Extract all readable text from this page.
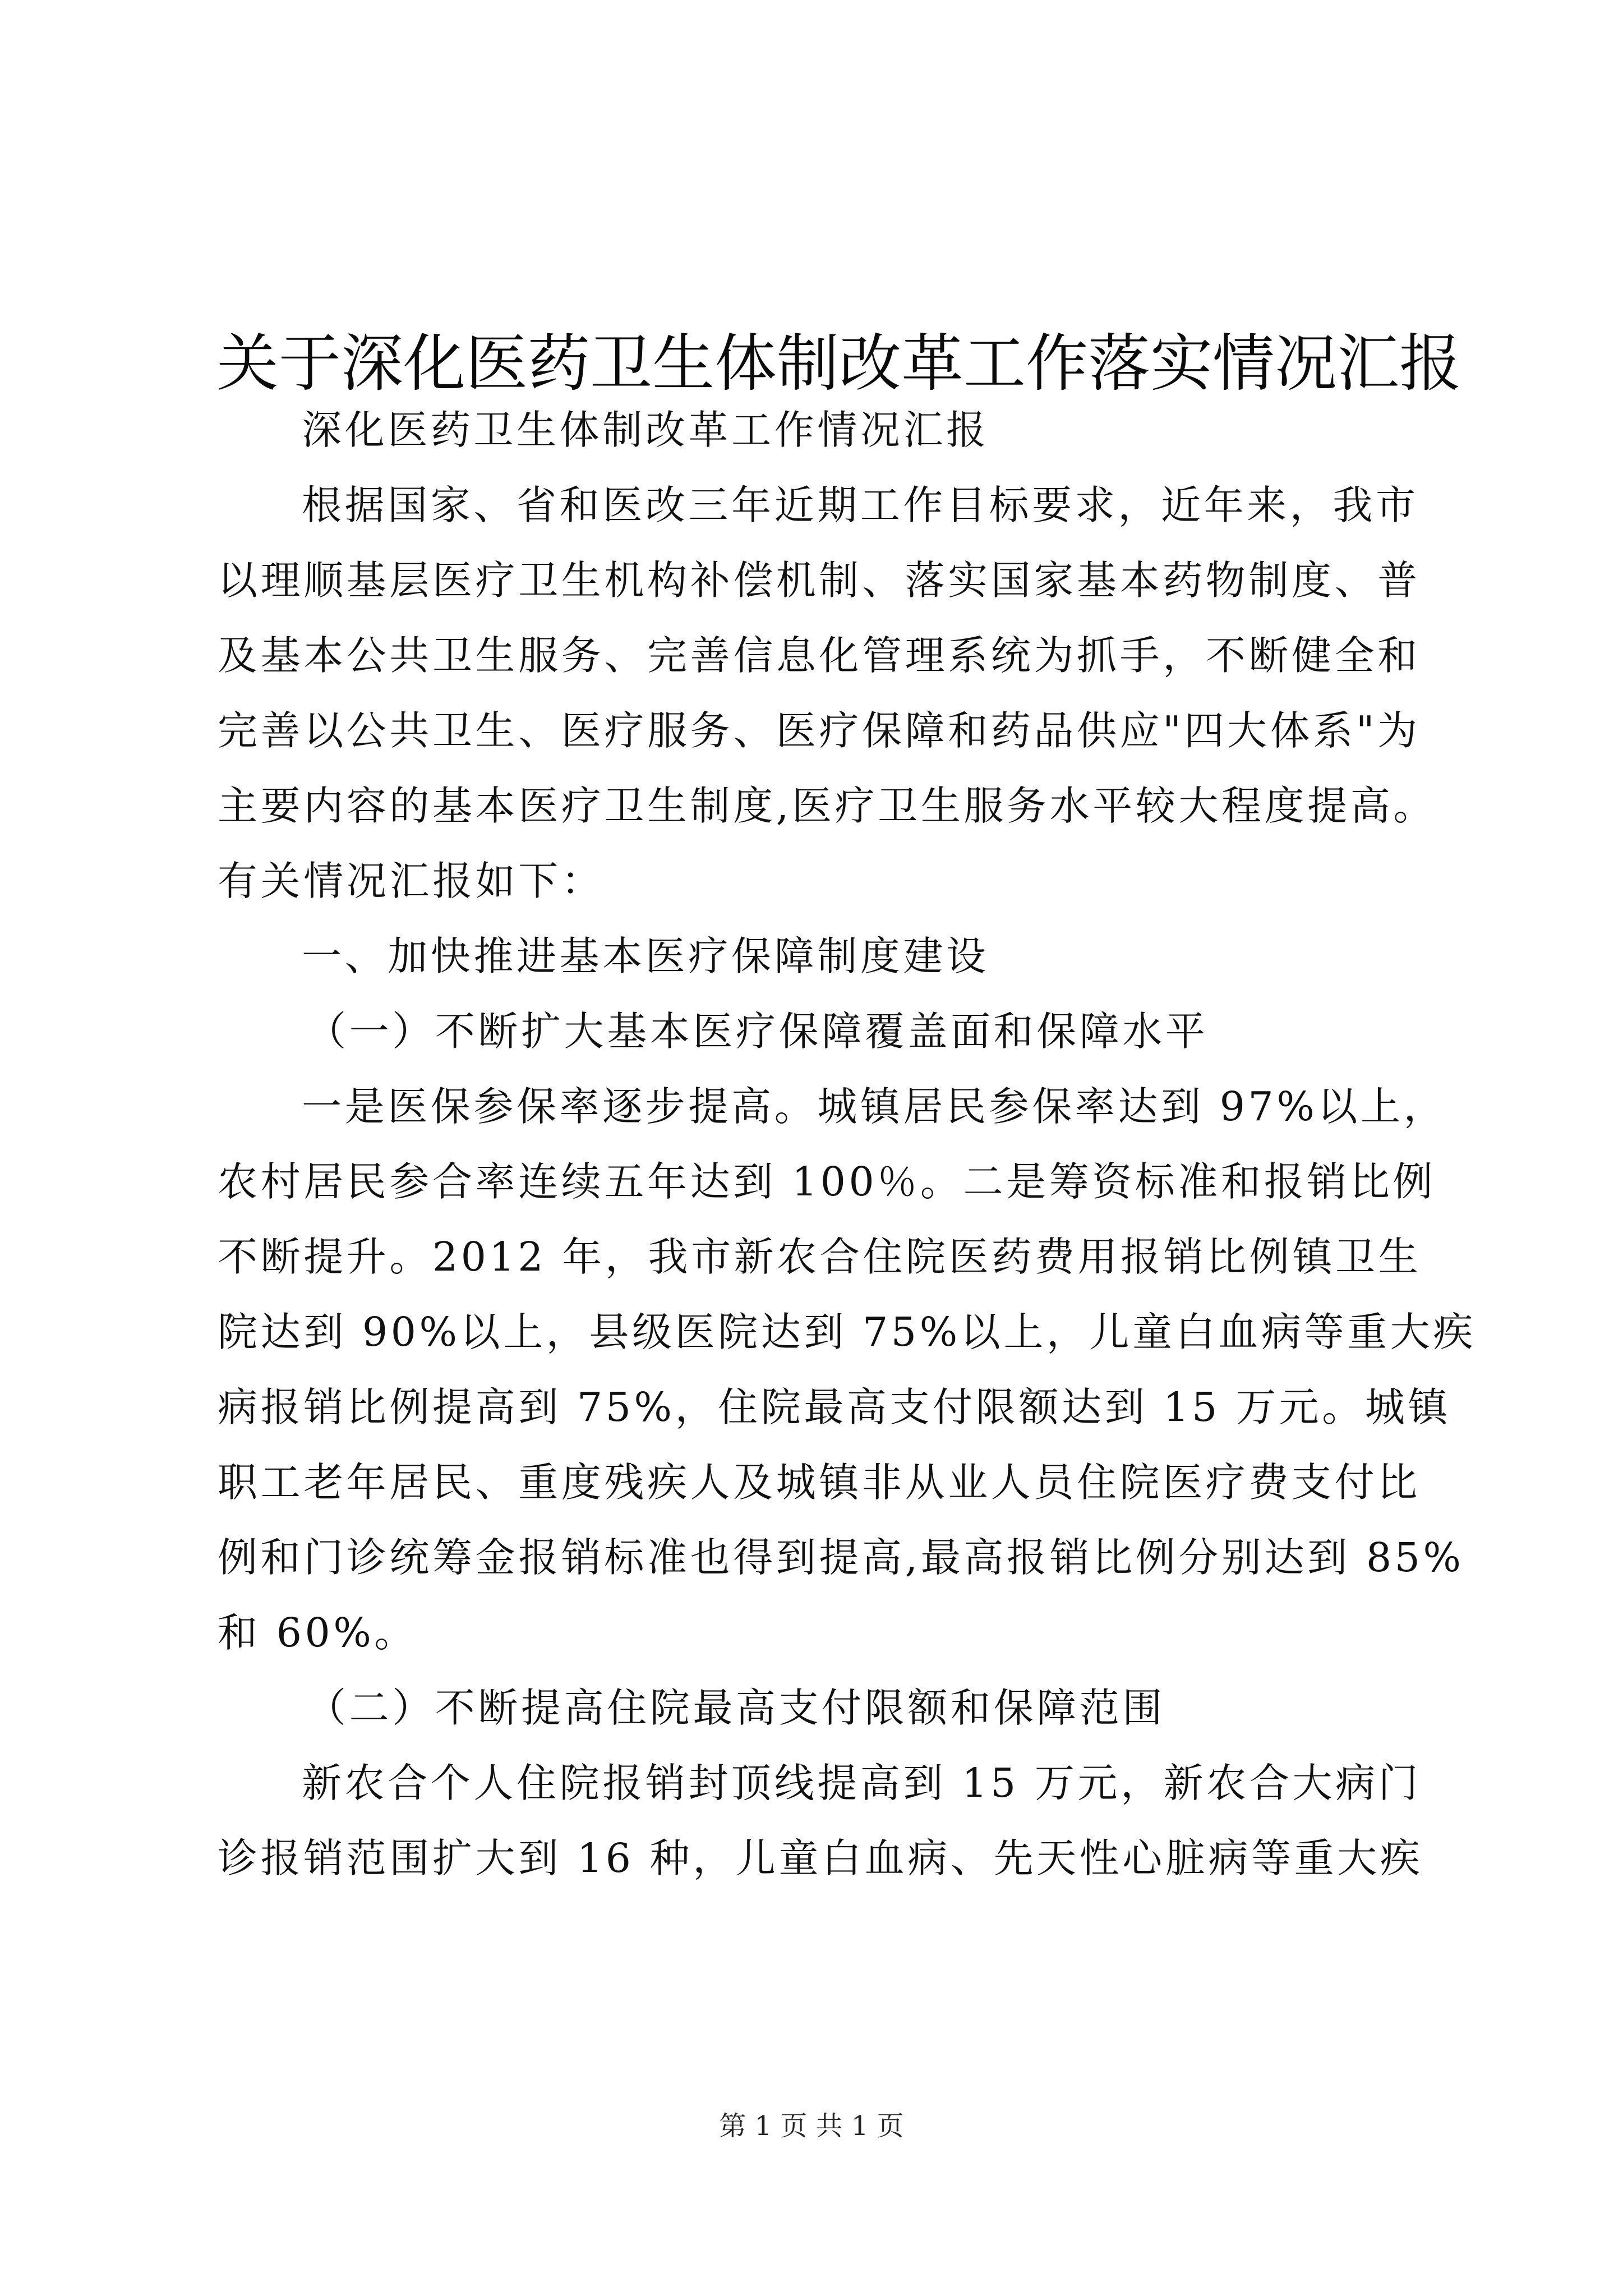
关于深化医药卫生体制改革工作落实情况汇报
深化医药卫生体制改革工作情况汇报
根据国家、省和医改三年近期工作目标要求，近年来，我市
以理顺基层医疗卫生机构补偿机制、落实国家基本药物制度、普
及基本公共卫生服务、完善信息化管理系统为抓手，不断健全和
完善以公共卫生、医疗服务、医疗保障和药品供应"四大体系"为
主要内容的基本医疗卫生制度,医疗卫生服务水平较大程度提高。
有关情况汇报如下：
一、加快推进基本医疗保障制度建设
（一）不断扩大基本医疗保障覆盖面和保障水平
一是医保参保率逐步提高。城镇居民参保率达到 97%以上，
农村居民参合率连续五年达到 100％。二是筹资标准和报销比例
不断提升。2012 年，我市新农合住院医药费用报销比例镇卫生
院达到 90%以上，县级医院达到 75%以上，儿童白血病等重大疾
病报销比例提高到 75%，住院最高支付限额达到 15 万元。城镇
职工老年居民、重度残疾人及城镇非从业人员住院医疗费支付比
例和门诊统筹金报销标准也得到提高,最高报销比例分别达到 85%
和 60%。
（二）不断提高住院最高支付限额和保障范围
新农合个人住院报销封顶线提高到 15 万元，新农合大病门
诊报销范围扩大到 16 种，儿童白血病、先天性心脏病等重大疾
第 1 页 共 1 页
